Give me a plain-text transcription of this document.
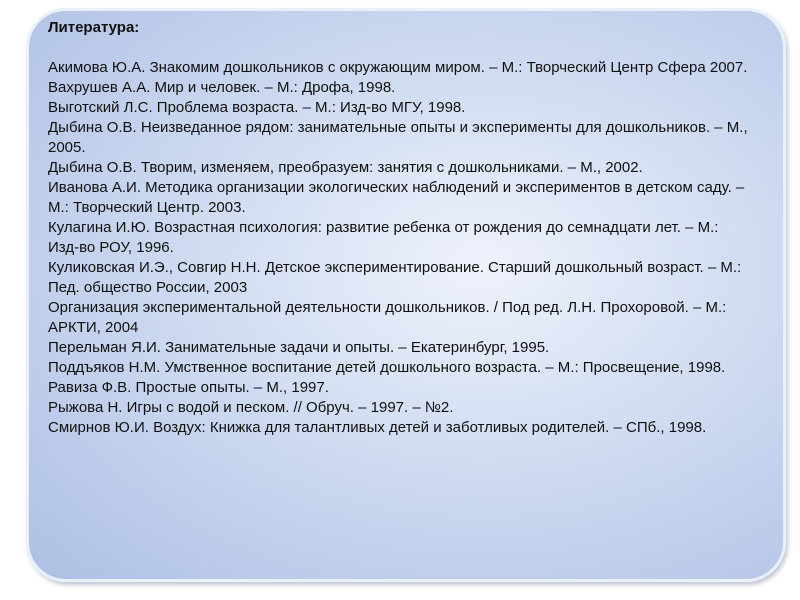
Литература:
Акимова Ю.А. Знакомим дошкольников с окружающим миром. – М.: Творческий Центр Сфера 2007.
Вахрушев А.А. Мир и человек. – М.: Дрофа, 1998.
Выготский Л.С. Проблема возраста. – М.: Изд-во МГУ, 1998.
Дыбина О.В. Неизведанное рядом: занимательные опыты и эксперименты для дошкольников. – М., 2005.
Дыбина О.В. Творим, изменяем, преобразуем: занятия с дошкольниками. – М., 2002.
Иванова А.И. Методика организации экологических наблюдений и экспериментов в детском саду. – М.: Творческий Центр. 2003.
Кулагина И.Ю. Возрастная психология: развитие ребенка от рождения до семнадцати лет. – М.: Изд-во РОУ, 1996.
Куликовская И.Э., Совгир Н.Н. Детское экспериментирование. Старший дошкольный возраст. – М.: Пед. общество России, 2003
Организация экспериментальной деятельности дошкольников. / Под ред. Л.Н. Прохоровой. – М.: АРКТИ, 2004
Перельман Я.И. Занимательные задачи и опыты. – Екатеринбург, 1995.
Поддъяков Н.М. Умственное воспитание детей дошкольного возраста. – М.: Просвещение, 1998.
Равиза Ф.В. Простые опыты. – М., 1997.
Рыжова Н. Игры с водой и песком. // Обруч. – 1997. – №2.
Смирнов Ю.И. Воздух: Книжка для талантливых детей и заботливых родителей. – СПб., 1998.
